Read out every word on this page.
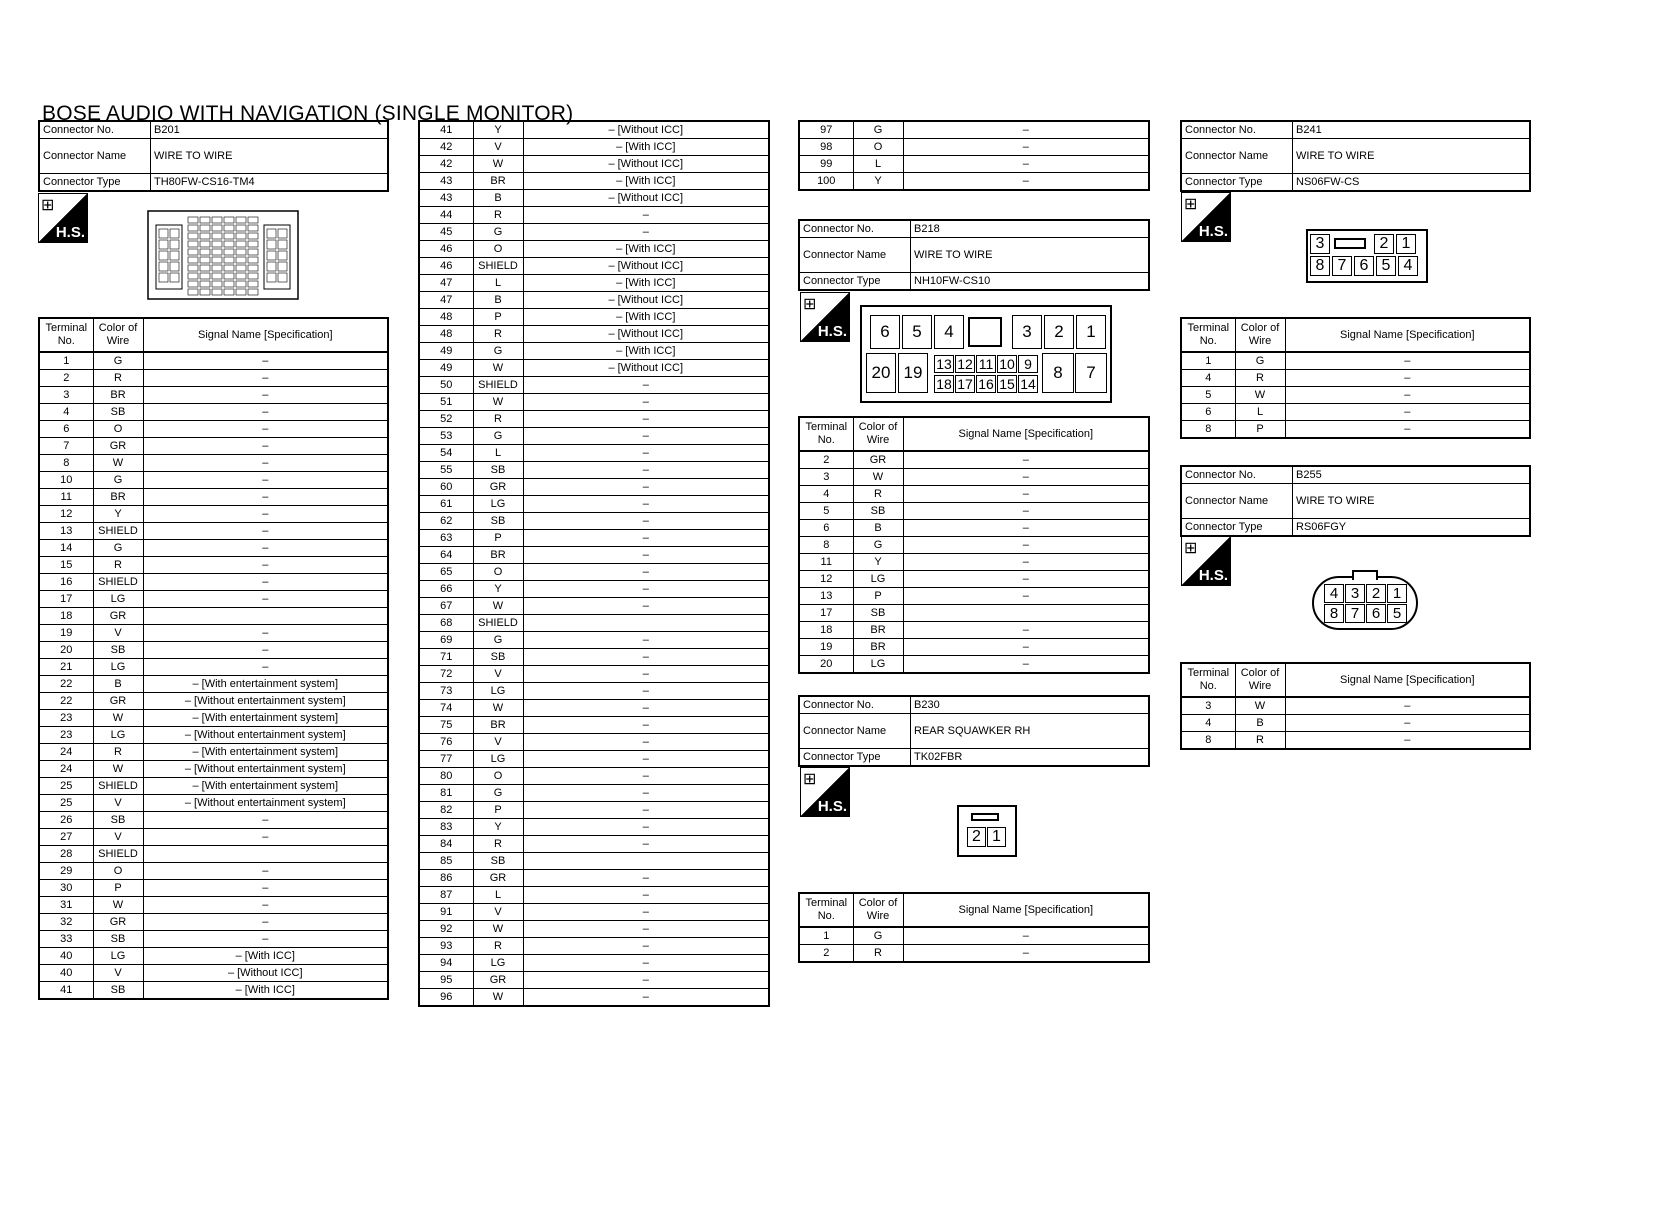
BOSE AUDIO WITH NAVIGATION (SINGLE MONITOR)
Connector No.	B201
Connector Name	WIRE TO WIRE
Connector Type	TH80FW-CS16-TM4
⊞
H.S.
Terminal No.	Color of Wire	Signal Name [Specification]
1	G	–
2	R	–
3	BR	–
4	SB	–
6	O	–
7	GR	–
8	W	–
10	G	–
11	BR	–
12	Y	–
13	SHIELD	–
14	G	–
15	R	–
16	SHIELD	–
17	LG	–
18	GR	
19	V	–
20	SB	–
21	LG	–
22	B	– [With entertainment system]
22	GR	– [Without entertainment system]
23	W	– [With entertainment system]
23	LG	– [Without entertainment system]
24	R	– [With entertainment system]
24	W	– [Without entertainment system]
25	SHIELD	– [With entertainment system]
25	V	– [Without entertainment system]
26	SB	–
27	V	–
28	SHIELD	
29	O	–
30	P	–
31	W	–
32	GR	–
33	SB	–
40	LG	– [With ICC]
40	V	– [Without ICC]
41	SB	– [With ICC]
41	Y	– [Without ICC]
42	V	– [With ICC]
42	W	– [Without ICC]
43	BR	– [With ICC]
43	B	– [Without ICC]
44	R	–
45	G	–
46	O	– [With ICC]
46	SHIELD	– [Without ICC]
47	L	– [With ICC]
47	B	– [Without ICC]
48	P	– [With ICC]
48	R	– [Without ICC]
49	G	– [With ICC]
49	W	– [Without ICC]
50	SHIELD	–
51	W	–
52	R	–
53	G	–
54	L	–
55	SB	–
60	GR	–
61	LG	–
62	SB	–
63	P	–
64	BR	–
65	O	–
66	Y	–
67	W	–
68	SHIELD	
69	G	–
71	SB	–
72	V	–
73	LG	–
74	W	–
75	BR	–
76	V	–
77	LG	–
80	O	–
81	G	–
82	P	–
83	Y	–
84	R	–
85	SB	
86	GR	–
87	L	–
91	V	–
92	W	–
93	R	–
94	LG	–
95	GR	–
96	W	–
97	G	–
98	O	–
99	L	–
100	Y	–
Connector No.	B218
Connector Name	WIRE TO WIRE
Connector Type	NH10FW-CS10
⊞
H.S.	6	5	4	3	2	1
20 19 13 12 11 10 9
18 17 16 15 14
8	7
Terminal No.	Color of Wire	Signal Name [Specification]
2	GR	–
3	W	–
4	R	–
5	SB	–
6	B	–
8	G	–
11	Y	–
12	LG	–
13	P	–
17	SB	
18	BR	–
19	BR	–
20	LG	–
Connector No.	B230
Connector Name	REAR SQUAWKER RH
Connector Type	TK02FBR
⊞
H.S.
2 1
Terminal No.	Color of Wire	Signal Name [Specification]
1	G	–
2	R	–
Connector No.	B241
Connector Name	WIRE TO WIRE
Connector Type	NS06FW-CS
⊞
H.S.
3	2 1
8 7 6 5 4
Terminal No.	Color of Wire	Signal Name [Specification]
1	G	–
4	R	–
5	W	–
6	L	–
8	P	–
Connector No.	B255
Connector Name	WIRE TO WIRE
Connector Type	RS06FGY
⊞
H.S.
4 3 2 1
8 7 6 5
Terminal No.	Color of Wire	Signal Name [Specification]
3	W	–
4	B	–
8	R	–
